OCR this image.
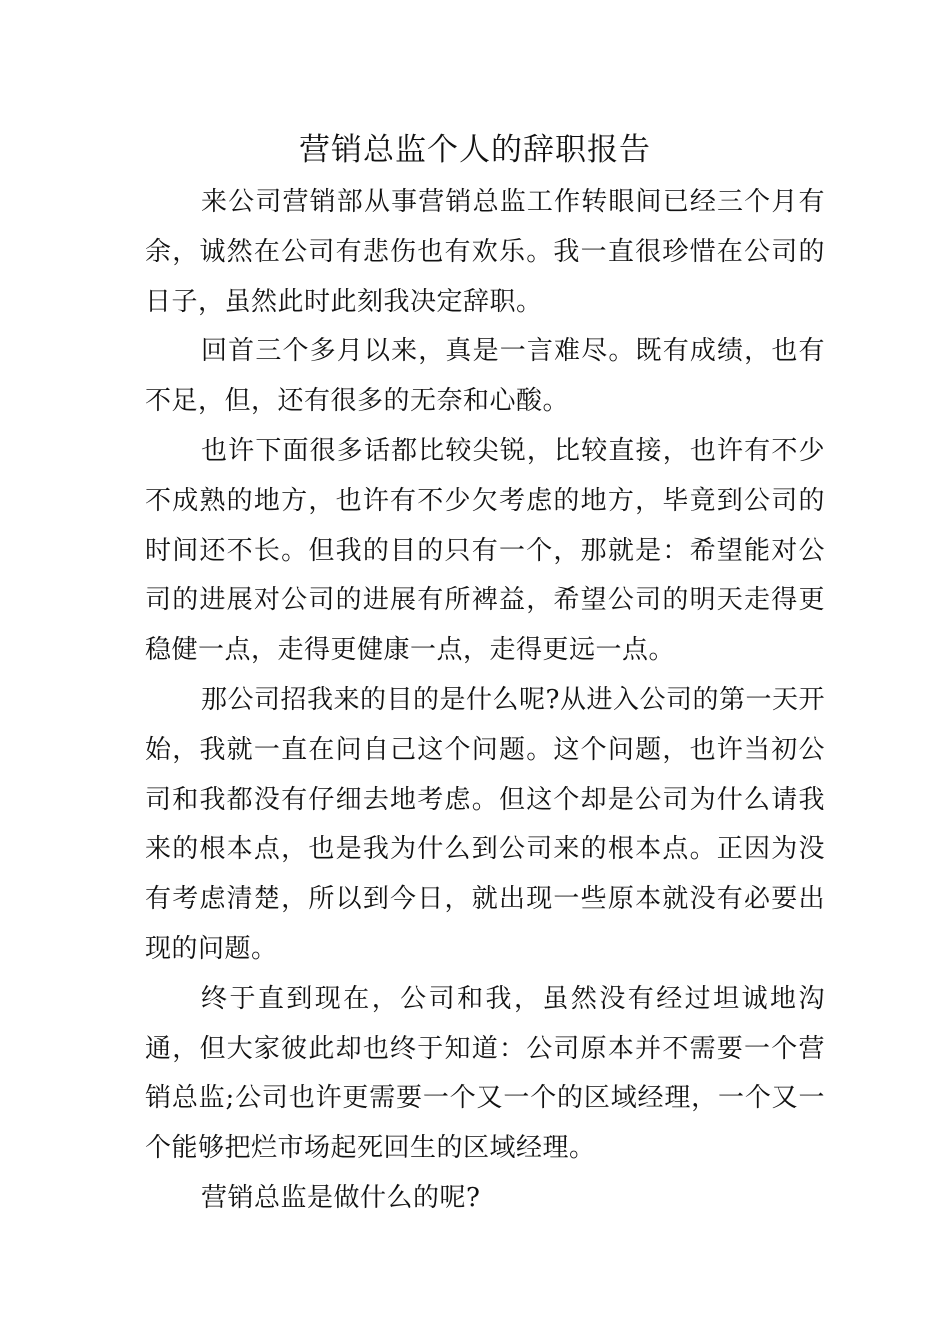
营销总监个人的辞职报告

来公司营销部从事营销总监工作转眼间已经三个月有余，诚然在公司有悲伤也有欢乐。我一直很珍惜在公司的日子，虽然此时此刻我决定辞职。

回首三个多月以来，真是一言难尽。既有成绩，也有不足，但，还有很多的无奈和心酸。

也许下面很多话都比较尖锐，比较直接，也许有不少不成熟的地方，也许有不少欠考虑的地方，毕竟到公司的时间还不长。但我的目的只有一个，那就是：希望能对公司的进展对公司的进展有所裨益，希望公司的明天走得更稳健一点，走得更健康一点，走得更远一点。

那公司招我来的目的是什么呢?从进入公司的第一天开始，我就一直在问自己这个问题。这个问题，也许当初公司和我都没有仔细去地考虑。但这个却是公司为什么请我来的根本点，也是我为什么到公司来的根本点。正因为没有考虑清楚，所以到今日，就出现一些原本就没有必要出现的问题。

终于直到现在，公司和我，虽然没有经过坦诚地沟通，但大家彼此却也终于知道：公司原本并不需要一个营销总监;公司也许更需要一个又一个的区域经理，一个又一个能够把烂市场起死回生的区域经理。

营销总监是做什么的呢?
